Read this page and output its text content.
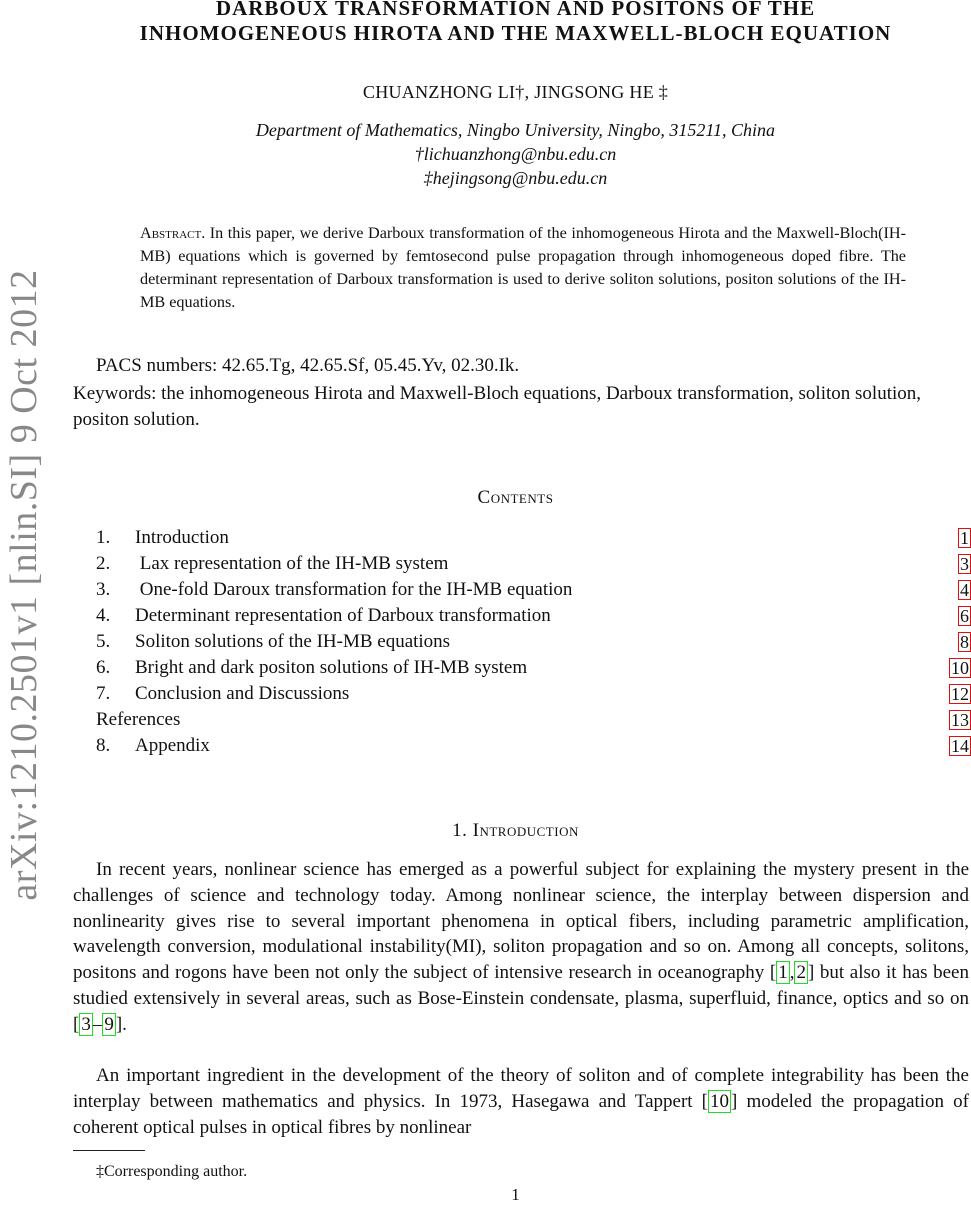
arXiv:1210.2501v1 [nlin.SI] 9 Oct 2012
DARBOUX TRANSFORMATION AND POSITONS OF THE
INHOMOGENEOUS HIROTA AND THE MAXWELL-BLOCH EQUATION
CHUANZHONG LI†, JINGSONG HE ‡
Department of Mathematics, Ningbo University, Ningbo, 315211, China
†lichuanzhong@nbu.edu.cn
‡hejingsong@nbu.edu.cn
Abstract. In this paper, we derive Darboux transformation of the inhomogeneous Hirota and the Maxwell-Bloch(IH-MB) equations which is governed by femtosecond pulse propagation through inhomogeneous doped fibre. The determinant representation of Darboux transformation is used to derive soliton solutions, positon solutions of the IH-MB equations.
PACS numbers: 42.65.Tg, 42.65.Sf, 05.45.Yv, 02.30.Ik.
Keywords: the inhomogeneous Hirota and Maxwell-Bloch equations, Darboux transformation, soliton solution, positon solution.
Contents
1. Introduction	1
2. Lax representation of the IH-MB system	3
3. One-fold Daroux transformation for the IH-MB equation	4
4. Determinant representation of Darboux transformation	6
5. Soliton solutions of the IH-MB equations	8
6. Bright and dark positon solutions of IH-MB system	10
7. Conclusion and Discussions	12
References	13
8. Appendix	14
1. Introduction
In recent years, nonlinear science has emerged as a powerful subject for explaining the mystery present in the challenges of science and technology today. Among nonlinear science, the interplay between dispersion and nonlinearity gives rise to several important phenomena in optical fibers, including parametric amplification, wavelength conversion, modulational instability(MI), soliton propagation and so on. Among all concepts, solitons, positons and rogons have been not only the subject of intensive research in oceanography [ 1 , 2 ] but also it has been studied extensively in several areas, such as Bose-Einstein condensate, plasma, superfluid, finance, optics and so on [ 3 – 9 ].
An important ingredient in the development of the theory of soliton and of complete integrability has been the interplay between mathematics and physics. In 1973, Hasegawa and Tappert [ 10 ] modeled the propagation of coherent optical pulses in optical fibres by nonlinear
‡Corresponding author.
1
